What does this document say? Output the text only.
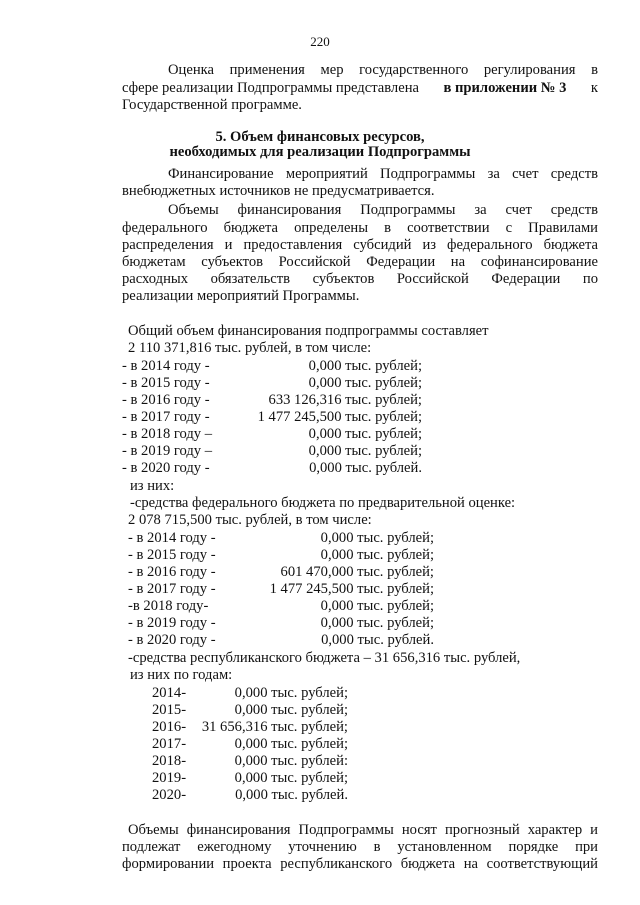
220
Оценка применения мер государственного регулирования в
сфере реализации Подпрограммы представлена в приложении № 3 к
Государственной программе.
5. Объем финансовых ресурсов,
необходимых для реализации Подпрограммы
Финансирование мероприятий Подпрограммы за счет средств
внебюджетных источников не предусматривается.
Объемы финансирования Подпрограммы за счет средств
федерального бюджета определены в соответствии с Правилами
распределения и предоставления субсидий из федерального бюджета
бюджетам субъектов Российской Федерации на софинансирование
расходных обязательств субъектов Российской Федерации по
реализации мероприятий Программы.
Общий объем финансирования подпрограммы составляет
2 110 371,816 тыс. рублей, в том числе:
- в 2014 году -	0,000 тыс. рублей;
- в 2015 году -	0,000 тыс. рублей;
- в 2016 году -	633 126,316 тыс. рублей;
- в 2017 году -	1 477 245,500 тыс. рублей;
- в 2018 году –	0,000 тыс. рублей;
- в 2019 году –	0,000 тыс. рублей;
- в 2020 году -	0,000 тыс. рублей.
из них:
-средства федерального бюджета по предварительной оценке:
2 078 715,500 тыс. рублей, в том числе:
- в 2014 году -	0,000 тыс. рублей;
- в 2015 году -	0,000 тыс. рублей;
- в 2016 году -	601 470,000 тыс. рублей;
- в 2017 году -	1 477 245,500 тыс. рублей;
-в 2018 году-	0,000 тыс. рублей;
- в 2019 году -	0,000 тыс. рублей;
- в 2020 году -	0,000 тыс. рублей.
-средства республиканского бюджета – 31 656,316 тыс. рублей,
из них по годам:
2014-	0,000 тыс. рублей;
2015-	0,000 тыс. рублей;
2016-	31 656,316 тыс. рублей;
2017-	0,000 тыс. рублей;
2018-	0,000 тыс. рублей:
2019-	0,000 тыс. рублей;
2020-	0,000 тыс. рублей.
Объемы финансирования Подпрограммы носят прогнозный характер и
подлежат ежегодному уточнению в установленном порядке при
формировании проекта республиканского бюджета на соответствующий
